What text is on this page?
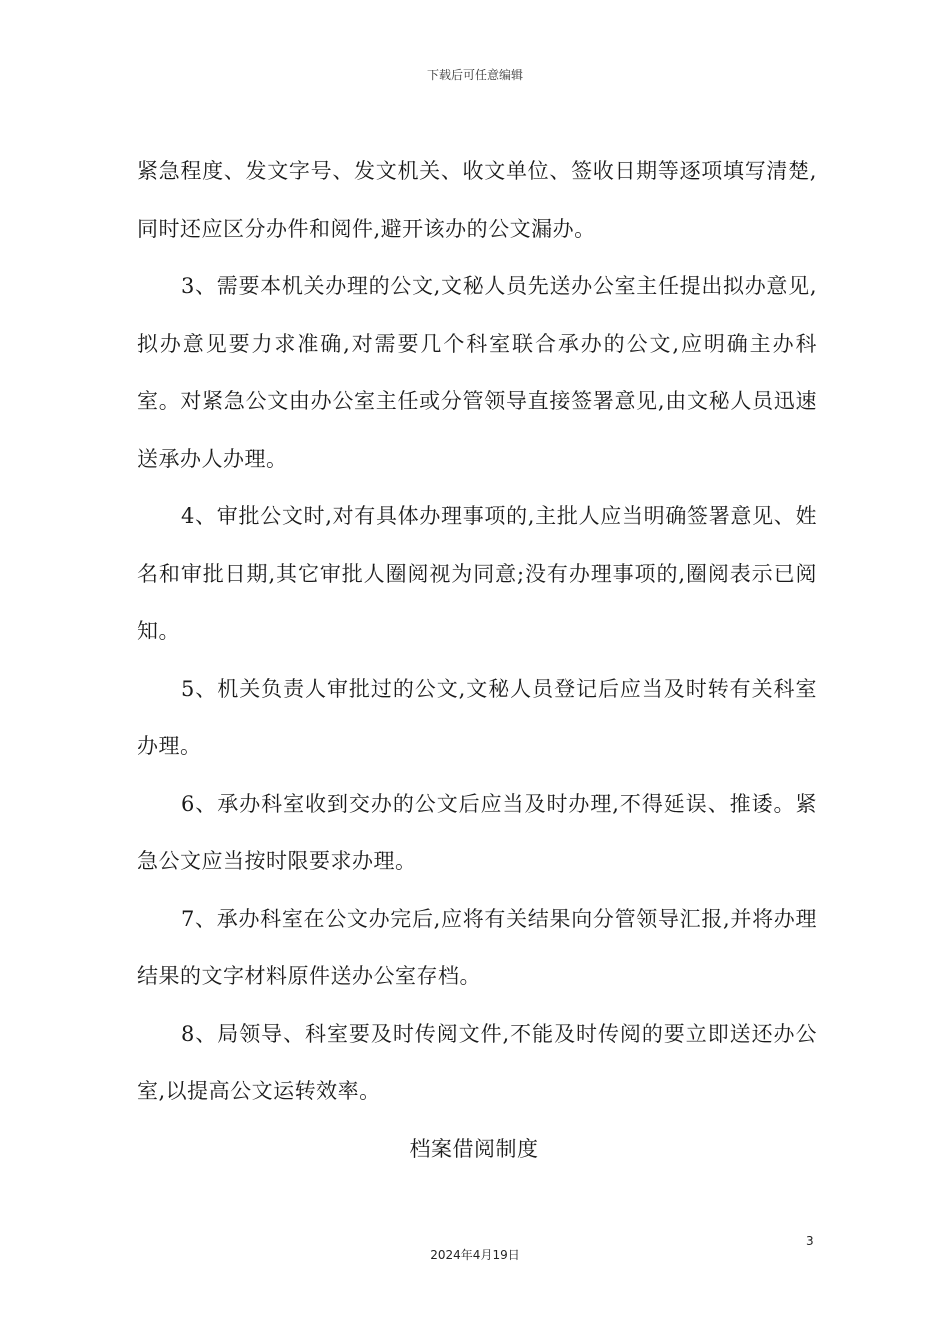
下载后可任意编辑

紧急程度、发文字号、发文机关、收文单位、签收日期等逐项填写清楚,同时还应区分办件和阅件,避开该办的公文漏办。

3、需要本机关办理的公文,文秘人员先送办公室主任提出拟办意见,拟办意见要力求准确,对需要几个科室联合承办的公文,应明确主办科室。对紧急公文由办公室主任或分管领导直接签署意见,由文秘人员迅速送承办人办理。

4、审批公文时,对有具体办理事项的,主批人应当明确签署意见、姓名和审批日期,其它审批人圈阅视为同意;没有办理事项的,圈阅表示已阅知。

5、机关负责人审批过的公文,文秘人员登记后应当及时转有关科室办理。

6、承办科室收到交办的公文后应当及时办理,不得延误、推诿。紧急公文应当按时限要求办理。

7、承办科室在公文办完后,应将有关结果向分管领导汇报,并将办理结果的文字材料原件送办公室存档。

8、局领导、科室要及时传阅文件,不能及时传阅的要立即送还办公室,以提高公文运转效率。

档案借阅制度

3
2024年4月19日
